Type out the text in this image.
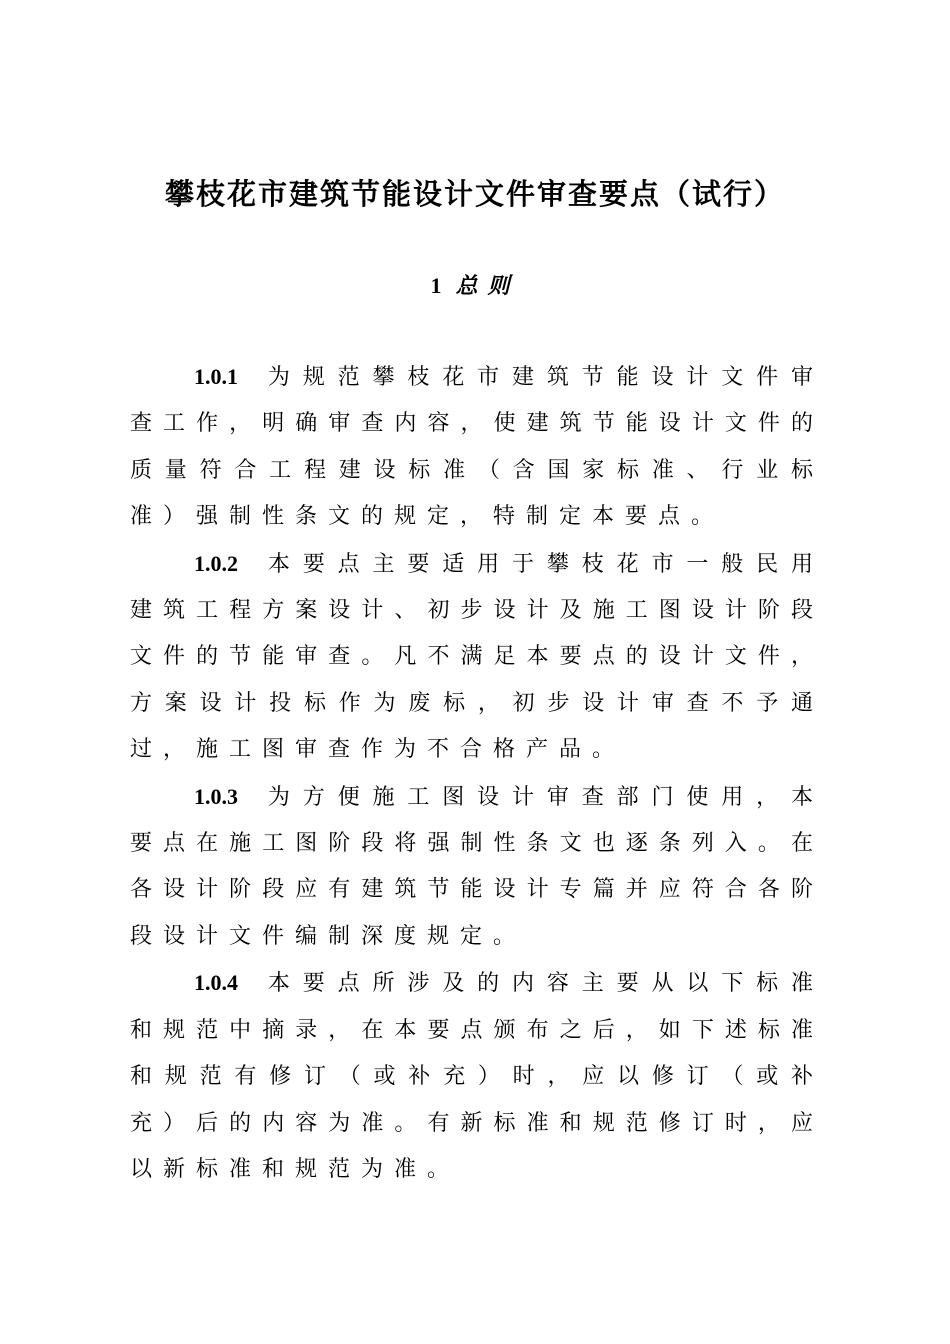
攀枝花市建筑节能设计文件审查要点（试行）
1 总则

1.0.1 为规范攀枝花市建筑节能设计文件审查工作，明确审查内容，使建筑节能设计文件的质量符合工程建设标准（含国家标准、行业标准）强制性条文的规定，特制定本要点。

1.0.2 本要点主要适用于攀枝花市一般民用建筑工程方案设计、初步设计及施工图设计阶段文件的节能审查。凡不满足本要点的设计文件，方案设计投标作为废标，初步设计审查不予通过，施工图审查作为不合格产品。

1.0.3 为方便施工图设计审查部门使用，本要点在施工图阶段将强制性条文也逐条列入。在各设计阶段应有建筑节能设计专篇并应符合各阶段设计文件编制深度规定。

1.0.4 本要点所涉及的内容主要从以下标准和规范中摘录，在本要点颁布之后，如下述标准和规范有修订（或补充）时，应以修订（或补充）后的内容为准。有新标准和规范修订时，应以新标准和规范为准。
